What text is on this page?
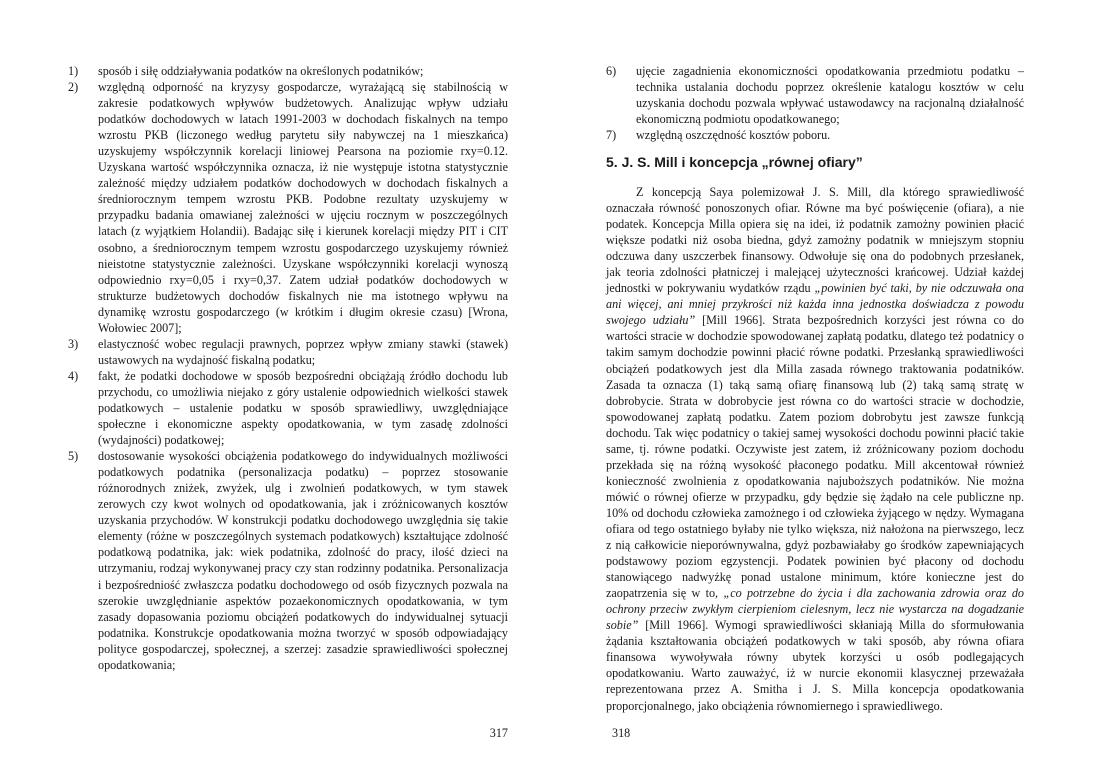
1) sposób i siłę oddziaływania podatków na określonych podatników;
2) względną odporność na kryzysy gospodarcze, wyrażającą się stabilnością w zakresie podatkowych wpływów budżetowych. Analizując wpływ udziału podatków dochodowych w latach 1991-2003 w dochodach fiskalnych na tempo wzrostu PKB (liczonego według parytetu siły nabywczej na 1 mieszkańca) uzyskujemy współczynnik korelacji liniowej Pearsona na poziomie rxy=0.12. Uzyskana wartość współczynnika oznacza, iż nie występuje istotna statystycznie zależność między udziałem podatków dochodowych w dochodach fiskalnych a średniorocznym tempem wzrostu PKB. Podobne rezultaty uzyskujemy w przypadku badania omawianej zależności w ujęciu rocznym w poszczególnych latach (z wyjątkiem Holandii). Badając siłę i kierunek korelacji między PIT i CIT osobno, a średniorocznym tempem wzrostu gospodarczego uzyskujemy również nieistotne statystycznie zależności. Uzyskane współczynniki korelacji wynoszą odpowiednio rxy=0,05 i rxy=0,37. Zatem udział podatków dochodowych w strukturze budżetowych dochodów fiskalnych nie ma istotnego wpływu na dynamikę wzrostu gospodarczego (w krótkim i długim okresie czasu) [Wrona, Wołowiec 2007];
3) elastyczność wobec regulacji prawnych, poprzez wpływ zmiany stawki (stawek) ustawowych na wydajność fiskalną podatku;
4) fakt, że podatki dochodowe w sposób bezpośredni obciążają źródło dochodu lub przychodu, co umożliwia niejako z góry ustalenie odpowiednich wielkości stawek podatkowych – ustalenie podatku w sposób sprawiedliwy, uwzględniające społeczne i ekonomiczne aspekty opodatkowania, w tym zasadę zdolności (wydajności) podatkowej;
5) dostosowanie wysokości obciążenia podatkowego do indywidualnych możliwości podatkowych podatnika (personalizacja podatku) – poprzez stosowanie różnorodnych zniżek, zwyżek, ulg i zwolnień podatkowych, w tym stawek zerowych czy kwot wolnych od opodatkowania, jak i zróżnicowanych kosztów uzyskania przychodów. W konstrukcji podatku dochodowego uwzględnia się takie elementy (różne w poszczególnych systemach podatkowych) kształtujące zdolność podatkową podatnika, jak: wiek podatnika, zdolność do pracy, ilość dzieci na utrzymaniu, rodzaj wykonywanej pracy czy stan rodzinny podatnika. Personalizacja i bezpośredniość zwłaszcza podatku dochodowego od osób fizycznych pozwala na szerokie uwzględnianie aspektów pozaekonomicznych opodatkowania, w tym zasady dopasowania poziomu obciążeń podatkowych do indywidualnej sytuacji podatnika. Konstrukcje opodatkowania można tworzyć w sposób odpowiadający polityce gospodarczej, społecznej, a szerzej: zasadzie sprawiedliwości społecznej opodatkowania;
317
6) ujęcie zagadnienia ekonomiczności opodatkowania przedmiotu podatku – technika ustalania dochodu poprzez określenie katalogu kosztów w celu uzyskania dochodu pozwala wpływać ustawodawcy na racjonalną działalność ekonomiczną podmiotu opodatkowanego;
7) względną oszczędność kosztów poboru.
5. J. S. Mill i koncepcja „równej ofiary”

Z koncepcją Saya polemizował J. S. Mill, dla którego sprawiedliwość oznaczała równość ponoszonych ofiar. Równe ma być poświęcenie (ofiara), a nie podatek. Koncepcja Milla opiera się na idei, iż podatnik zamożny powinien płacić większe podatki niż osoba biedna, gdyż zamożny podatnik w mniejszym stopniu odczuwa dany uszczerbek finansowy. Odwołuje się ona do podobnych przesłanek, jak teoria zdolności płatniczej i malejącej użyteczności krańcowej. Udział każdej jednostki w pokrywaniu wydatków rządu „powinien być taki, by nie odczuwała ona ani więcej, ani mniej przykrości niż każda inna jednostka doświadcza z powodu swojego udziału” [Mill 1966]. Strata bezpośrednich korzyści jest równa co do wartości stracie w dochodzie spowodowanej zapłatą podatku, dlatego też podatnicy o takim samym dochodzie powinni płacić równe podatki. Przesłanką sprawiedliwości obciążeń podatkowych jest dla Milla zasada równego traktowania podatników. Zasada ta oznacza (1) taką samą ofiarę finansową lub (2) taką samą stratę w dobrobycie. Strata w dobrobycie jest równa co do wartości stracie w dochodzie, spowodowanej zapłatą podatku. Zatem poziom dobrobytu jest zawsze funkcją dochodu. Tak więc podatnicy o takiej samej wysokości dochodu powinni płacić takie same, tj. równe podatki. Oczywiste jest zatem, iż zróżnicowany poziom dochodu przekłada się na różną wysokość płaconego podatku. Mill akcentował również konieczność zwolnienia z opodatkowania najuboższych podatników. Nie można mówić o równej ofierze w przypadku, gdy będzie się żądało na cele publiczne np. 10% od dochodu człowieka zamożnego i od człowieka żyjącego w nędzy. Wymagana ofiara od tego ostatniego byłaby nie tylko większa, niż nałożona na pierwszego, lecz z nią całkowicie nieporównywalna, gdyż pozbawiałaby go środków zapewniających podstawowy poziom egzystencji. Podatek powinien być płacony od dochodu stanowiącego nadwyżkę ponad ustalone minimum, które konieczne jest do zaopatrzenia się w to, „co potrzebne do życia i dla zachowania zdrowia oraz do ochrony przeciw zwykłym cierpieniom cielesnym, lecz nie wystarcza na dogadzanie sobie” [Mill 1966]. Wymogi sprawiedliwości skłaniają Milla do sformułowania żądania kształtowania obciążeń podatkowych w taki sposób, aby równa ofiara finansowa wywoływała równy ubytek korzyści u osób podlegających opodatkowaniu. Warto zauważyć, iż w nurcie ekonomii klasycznej przeważała reprezentowana przez A. Smitha i J. S. Milla koncepcja opodatkowania proporcjonalnego, jako obciążenia równomiernego i sprawiedliwego.

318
